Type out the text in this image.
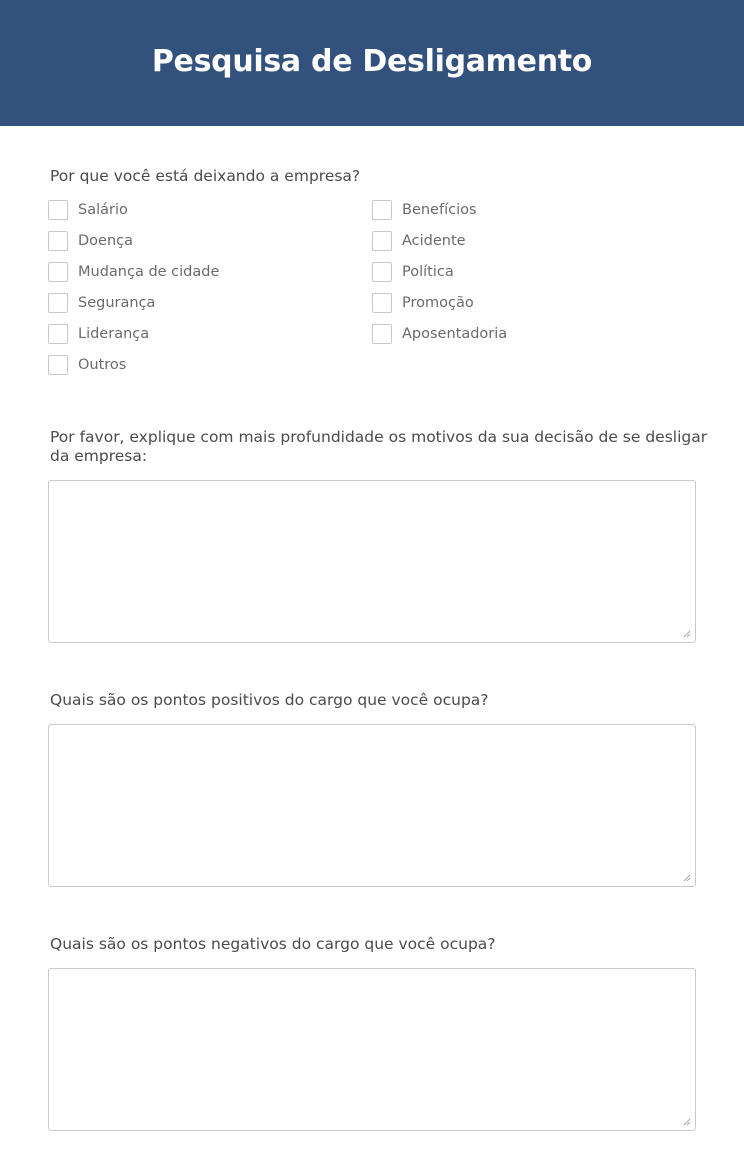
Pesquisa de Desligamento
Por que você está deixando a empresa?
Salário
Doença
Mudança de cidade
Segurança
Liderança
Outros
Benefícios
Acidente
Política
Promoção
Aposentadoria
Por favor, explique com mais profundidade os motivos da sua decisão de se desligar da empresa:
Quais são os pontos positivos do cargo que você ocupa?
Quais são os pontos negativos do cargo que você ocupa?
